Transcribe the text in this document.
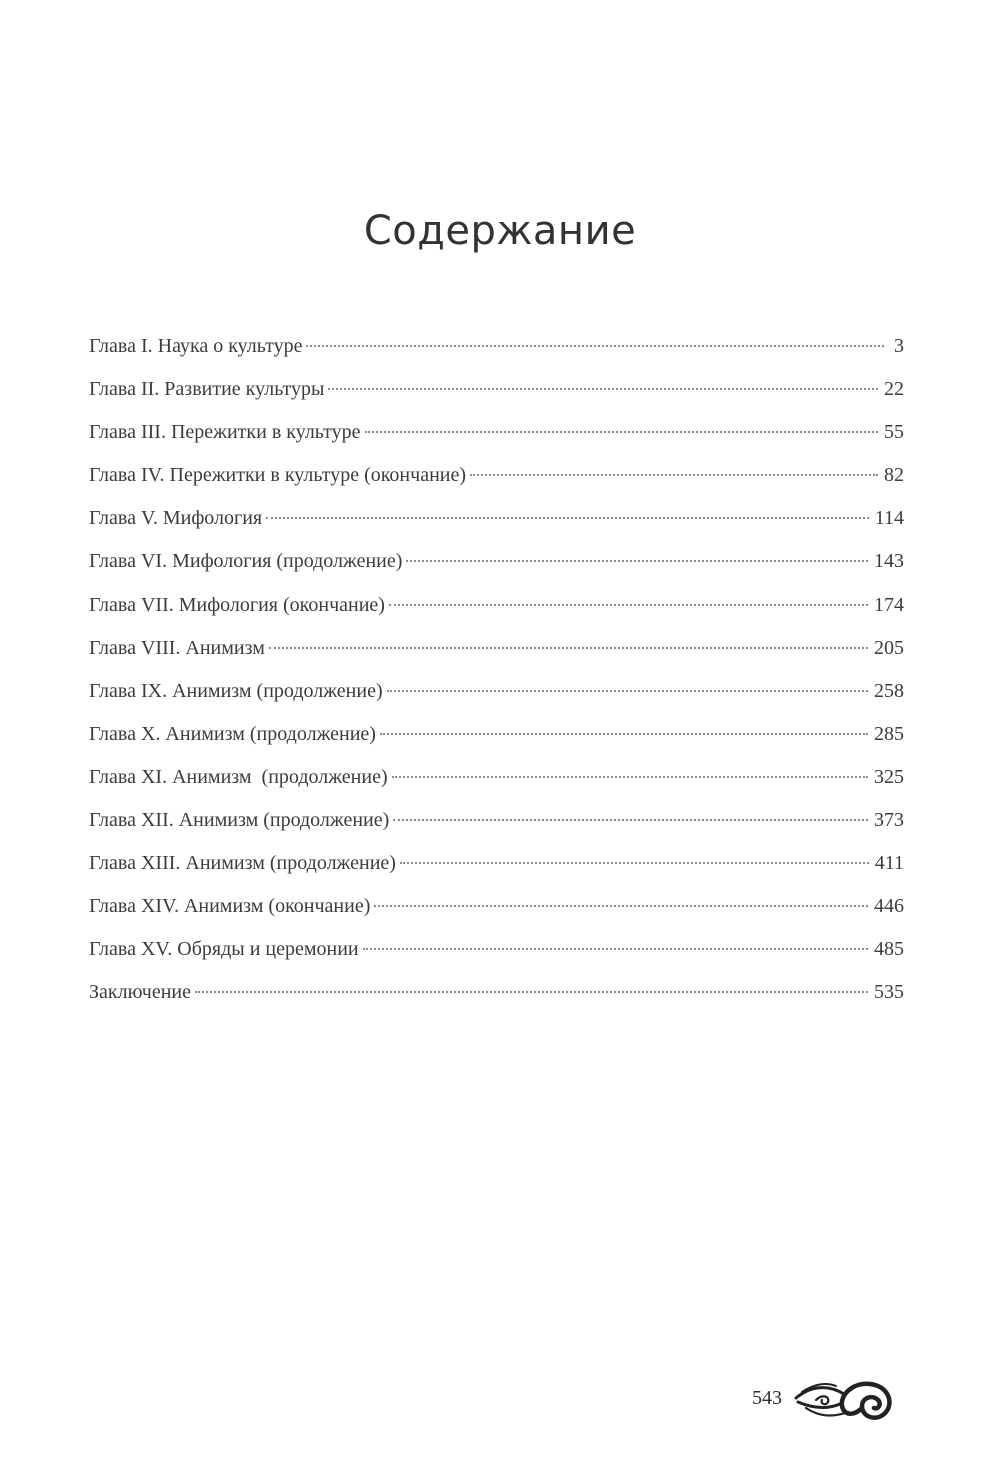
Содержание
Глава I. Наука о культуре	3
Глава II. Развитие культуры	22
Глава III. Пережитки в культуре	55
Глава IV. Пережитки в культуре (окончание)	82
Глава V. Мифология	114
Глава VI. Мифология (продолжение)	143
Глава VII. Мифология (окончание)	174
Глава VIII. Анимизм	205
Глава IX. Анимизм (продолжение)	258
Глава X. Анимизм (продолжение)	285
Глава XI. Анимизм  (продолжение)	325
Глава XII. Анимизм (продолжение)	373
Глава XIII. Анимизм (продолжение)	411
Глава XIV. Анимизм (окончание)	446
Глава XV. Обряды и церемонии	485
Заключение	535
543
